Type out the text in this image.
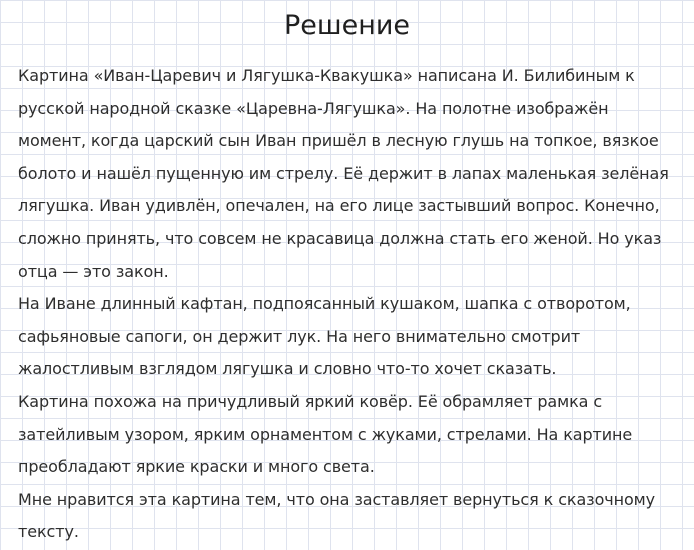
Решение
Картина «Иван-Царевич и Лягушка-Квакушка» написана И. Билибиным к
русской народной сказке «Царевна-Лягушка». На полотне изображён
момент, когда царский сын Иван пришёл в лесную глушь на топкое, вязкое
болото и нашёл пущенную им стрелу. Её держит в лапах маленькая зелёная
лягушка. Иван удивлён, опечален, на его лице застывший вопрос. Конечно,
сложно принять, что совсем не красавица должна стать его женой. Но указ
отца — это закон.
На Иване длинный кафтан, подпоясанный кушаком, шапка с отворотом,
сафьяновые сапоги, он держит лук. На него внимательно смотрит
жалостливым взглядом лягушка и словно что-то хочет сказать.
Картина похожа на причудливый яркий ковёр. Её обрамляет рамка с
затейливым узором, ярким орнаментом с жуками, стрелами. На картине
преобладают яркие краски и много света.
Мне нравится эта картина тем, что она заставляет вернуться к сказочному
тексту.
